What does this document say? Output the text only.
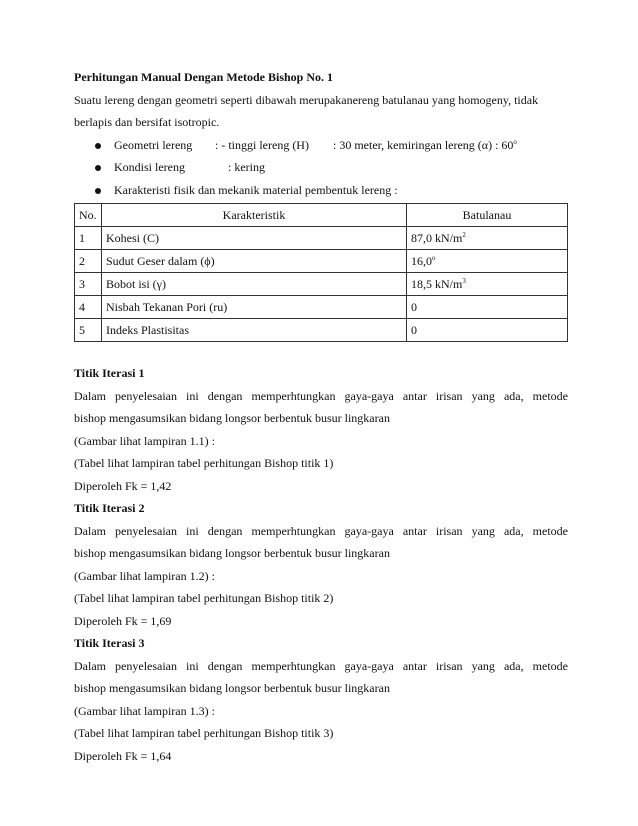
Perhitungan Manual Dengan Metode Bishop No. 1

Suatu lereng dengan geometri seperti dibawah merupakanereng batulanau yang homogeny, tidak

berlapis dan bersifat isotropic.

Geometri lereng : - tinggi lereng (H) : 30 meter, kemiringan lereng (α) : 60$^o$
Kondisi lereng	: kering
Karakteristi fisik dan mekanik material pembentuk lereng :
No.	Karakteristik	Batulanau
1	Kohesi (C)	87,0 $kN/m^2$
2	Sudut Geser dalam (ϕ)	16,0$^o$
3	Bobot isi (γ)	18,5 $kN/m^3$
4	Nisbah Tekanan Pori (ru)	0
5	Indeks Plastisitas	0

Titik Iterasi 1

Dalam penyelesaian ini dengan memperhtungkan gaya-gaya antar irisan yang ada, metode

bishop mengasumsikan bidang longsor berbentuk busur lingkaran

(Gambar lihat lampiran 1.1) :

(Tabel lihat lampiran tabel perhitungan Bishop titik 1)

Diperoleh Fk = 1,42

Titik Iterasi 2

Dalam penyelesaian ini dengan memperhtungkan gaya-gaya antar irisan yang ada, metode

bishop mengasumsikan bidang longsor berbentuk busur lingkaran

(Gambar lihat lampiran 1.2) :

(Tabel lihat lampiran tabel perhitungan Bishop titik 2)

Diperoleh Fk = 1,69

Titik Iterasi 3

Dalam penyelesaian ini dengan memperhtungkan gaya-gaya antar irisan yang ada, metode

bishop mengasumsikan bidang longsor berbentuk busur lingkaran

(Gambar lihat lampiran 1.3) :

(Tabel lihat lampiran tabel perhitungan Bishop titik 3)

Diperoleh Fk = 1,64
